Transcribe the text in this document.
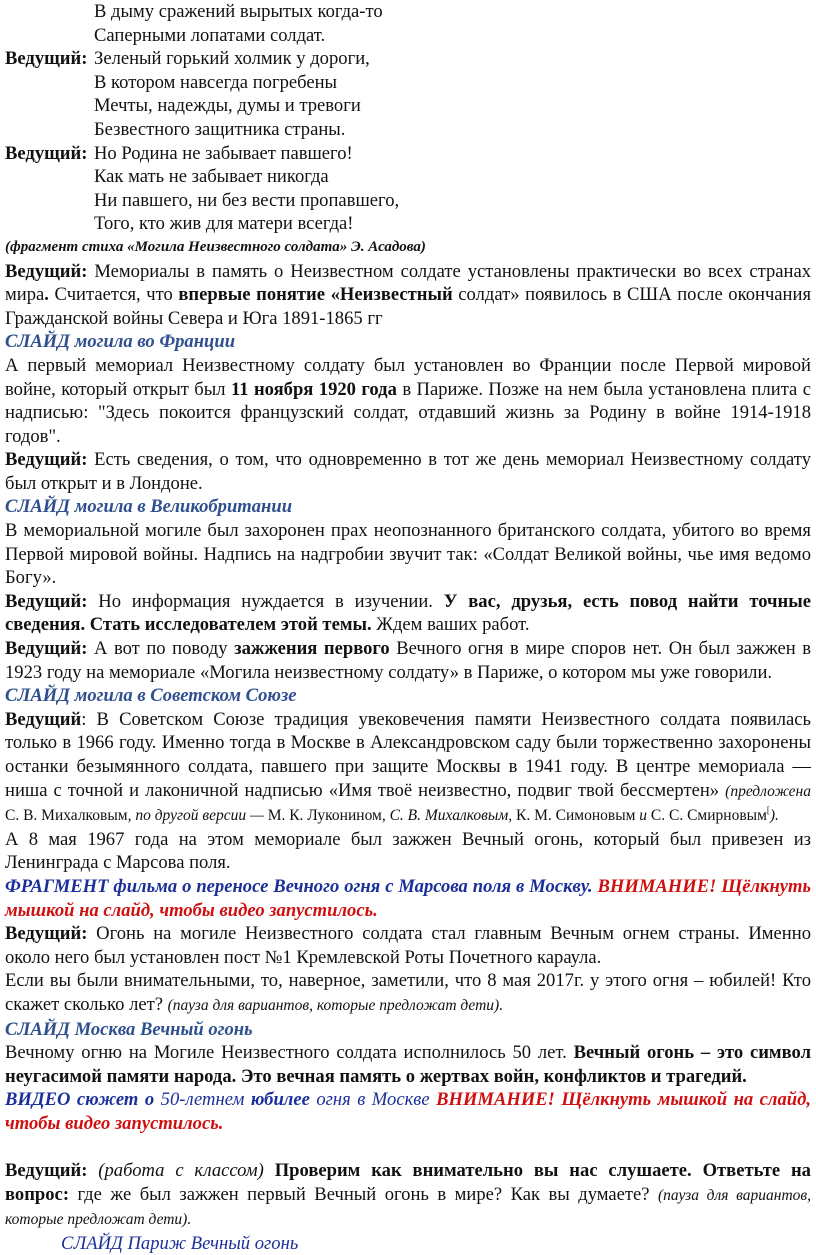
В дыму сражений вырытых когда-то

Саперными лопатами солдат.

Ведущий: Зеленый горький холмик у дороги,

В котором навсегда погребены

Мечты, надежды, думы и тревоги

Безвестного защитника страны.

Ведущий: Но Родина не забывает павшего!

Как мать не забывает никогда

Ни павшего, ни без вести пропавшего,

Того, кто жив для матери всегда!

(фрагмент стиха «Могила Неизвестного солдата» Э. Асадова)

Ведущий: Мемориалы в память о Неизвестном солдате установлены практически во всех странах мира. Считается, что впервые понятие «Неизвестный солдат» появилось в США после окончания Гражданской войны Севера и Юга 1891-1865 гг

СЛАЙД могила во Франции

А первый мемориал Неизвестному солдату был установлен во Франции после Первой мировой войне, который открыт был 11 ноября 1920 года в Париже. Позже на нем была установлена плита с надписью: "Здесь покоится французский солдат, отдавший жизнь за Родину в войне 1914-1918 годов".

Ведущий: Есть сведения, о том, что одновременно в тот же день мемориал Неизвестному солдату был открыт и в Лондоне.

СЛАЙД могила в Великобритании

В мемориальной могиле был захоронен прах неопознанного британского солдата, убитого во время Первой мировой войны. Надпись на надгробии звучит так: «Солдат Великой войны, чье имя ведомо Богу».

Ведущий: Но информация нуждается в изучении. У вас, друзья, есть повод найти точные сведения. Стать исследователем этой темы. Ждем ваших работ.

Ведущий: А вот по поводу зажжения первого Вечного огня в мире споров нет. Он был зажжен в 1923 году на мемориале «Могила неизвестному солдату» в Париже, о котором мы уже говорили.

СЛАЙД могила в Советском Союзе

Ведущий: В Советском Союзе традиция увековечения памяти Неизвестного солдата появилась только в 1966 году. Именно тогда в Москве в Александровском саду были торжественно захоронены останки безымянного солдата, павшего при защите Москвы в 1941 году. В центре мемориала — ниша с точной и лаконичной надписью «Имя твоё неизвестно, подвиг твой бессмертен» (предложена С. В. Михалковым, по другой версии — М. К. Луконином, С. В. Михалковым, К. М. Симоновым и С. С. Смирновым[).

А 8 мая 1967 года на этом мемориале был зажжен Вечный огонь, который был привезен из Ленинграда с Марсова поля.

ФРАГМЕНТ фильма о переносе Вечного огня с Марсова поля в Москву. ВНИМАНИЕ! Щёлкнуть мышкой на слайд, чтобы видео запустилось.

Ведущий: Огонь на могиле Неизвестного солдата стал главным Вечным огнем страны. Именно около него был установлен пост №1 Кремлевской Роты Почетного караула.

Если вы были внимательными, то, наверное, заметили, что 8 мая 2017г. у этого огня – юбилей! Кто скажет сколько лет? (пауза для вариантов, которые предложат дети).

СЛАЙД Москва Вечный огонь

Вечному огню на Могиле Неизвестного солдата исполнилось 50 лет. Вечный огонь – это символ неугасимой памяти народа. Это вечная память о жертвах войн, конфликтов и трагедий.

ВИДЕО сюжет о 50-летнем юбилее огня в Москве ВНИМАНИЕ! Щёлкнуть мышкой на слайд, чтобы видео запустилось.

Ведущий: (работа с классом) Проверим как внимательно вы нас слушаете. Ответьте на вопрос: где же был зажжен первый Вечный огонь в мире? Как вы думаете? (пауза для вариантов, которые предложат дети).

СЛАЙД Париж Вечный огонь
